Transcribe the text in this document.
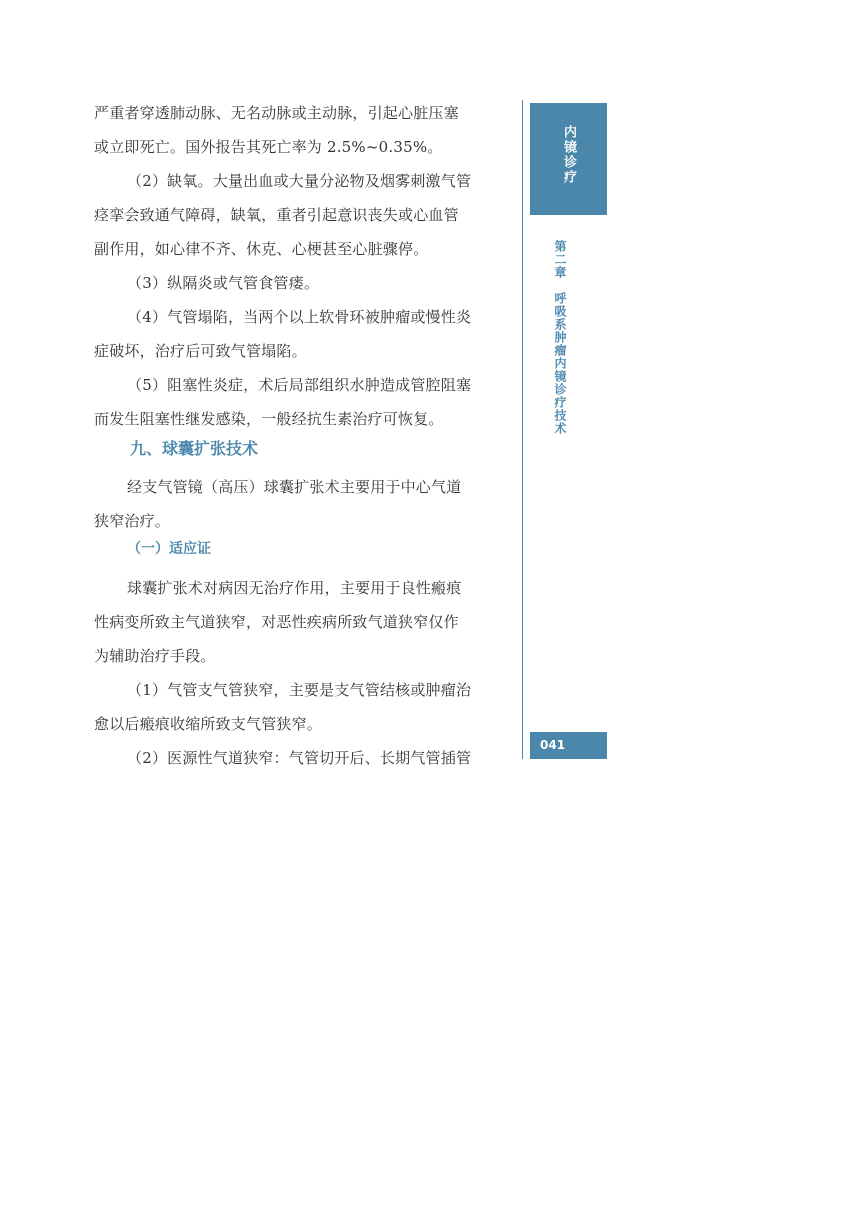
严重者穿透肺动脉、无名动脉或主动脉，引起心脏压塞
或立即死亡。国外报告其死亡率为 2.5%~0.35%。
（2）缺氧。大量出血或大量分泌物及烟雾刺激气管
痉挛会致通气障碍，缺氧，重者引起意识丧失或心血管
副作用，如心律不齐、休克、心梗甚至心脏骤停。
（3）纵隔炎或气管食管瘘。
（4）气管塌陷，当两个以上软骨环被肿瘤或慢性炎
症破坏，治疗后可致气管塌陷。
（5）阻塞性炎症，术后局部组织水肿造成管腔阻塞
而发生阻塞性继发感染，一般经抗生素治疗可恢复。
经支气管镜（高压）球囊扩张术主要用于中心气道
狭窄治疗。
球囊扩张术对病因无治疗作用，主要用于良性瘢痕
性病变所致主气道狭窄，对恶性疾病所致气道狭窄仅作
为辅助治疗手段。
（1）气管支气管狭窄，主要是支气管结核或肿瘤治
愈以后瘢痕收缩所致支气管狭窄。
（2）医源性气道狭窄：气管切开后、长期气管插管
九、球囊扩张技术
（一）适应证
内镜诊疗
第二章　呼吸系肿瘤内镜诊疗技术
041
